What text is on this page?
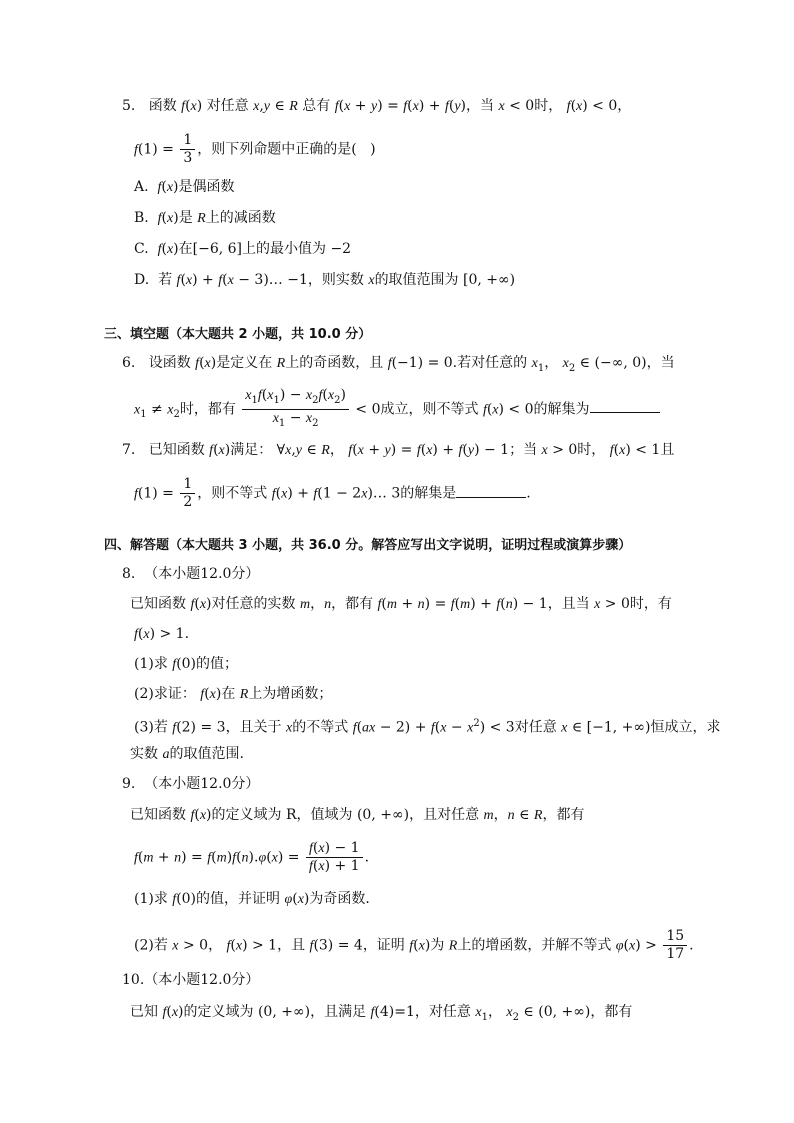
5. 函数 f(x) 对任意 x,y ∈ R 总有 f(x + y) = f(x) + f(y)，当 x < 0时， f(x) < 0，
$f(1) = \frac{1}{3}$ ，则下列命题中正确的是( )
A. f(x)是偶函数
B. f(x)是 R上的减函数
C. f(x)在[−6, 6]上的最小值为 −2
D. 若 f(x) + f(x − 3)… −1，则实数 x的取值范围为 [0, +∞)
三、填空题（本大题共 2 小题，共 10.0 分）
6. 设函数 f(x)是定义在 R上的奇函数，且 f(−1) = 0.若对任意的 $x_1$， $x_2$ ∈ (−∞, 0)，当
$x_1 \ne x_2$时，都有 $\frac{x_1f(x_1) - x_2f(x_2)}{x_1 - x_2} < 0$成立，则不等式 f(x) < 0的解集为
7. 已知函数 f(x)满足： ∀x,y ∈ R， f(x + y) = f(x) + f(y) − 1；当 x > 0时， f(x) < 1且
$f(1) = \frac{1}{2}$ ，则不等式 f(x) + f(1 − 2x)… 3的解集是	.
四、解答题（本大题共 3 小题，共 36.0 分。解答应写出文字说明，证明过程或演算步骤）
8. （本小题12.0分）
已知函数 f(x)对任意的实数 m，n，都有 f(m + n) = f(m) + f(n) − 1，且当 x > 0时，有
f(x) > 1.
(1)求 f(0)的值；
(2)求证： f(x)在 R上为增函数；
(3)若 f(2) = 3，且关于 x的不等式 $f(ax - 2) + f(x - x^2) < 3$对任意 x ∈ [−1, +∞)恒成立，求
实数 a的取值范围.
9. （本小题12.0分）
已知函数 f(x)的定义域为 R，值域为 (0, +∞)，且对任意 m，n ∈ R，都有
$f(m + n) = f(m)f(n).\varphi(x) = \frac{f(x) - 1}{f(x) + 1}$ .
(1)求 f(0)的值，并证明 φ(x)为奇函数．
(2)若 x > 0， f(x) > 1，且 f(3) = 4，证明 f(x)为 R上的增函数，并解不等式 $\varphi(x) > \frac{15}{17}$ .
10.（本小题12.0分）
已知 f(x)的定义域为 (0, +∞)，且满足 f(4)=1，对任意 $x_1$， $x_2$ ∈ (0, +∞)，都有
